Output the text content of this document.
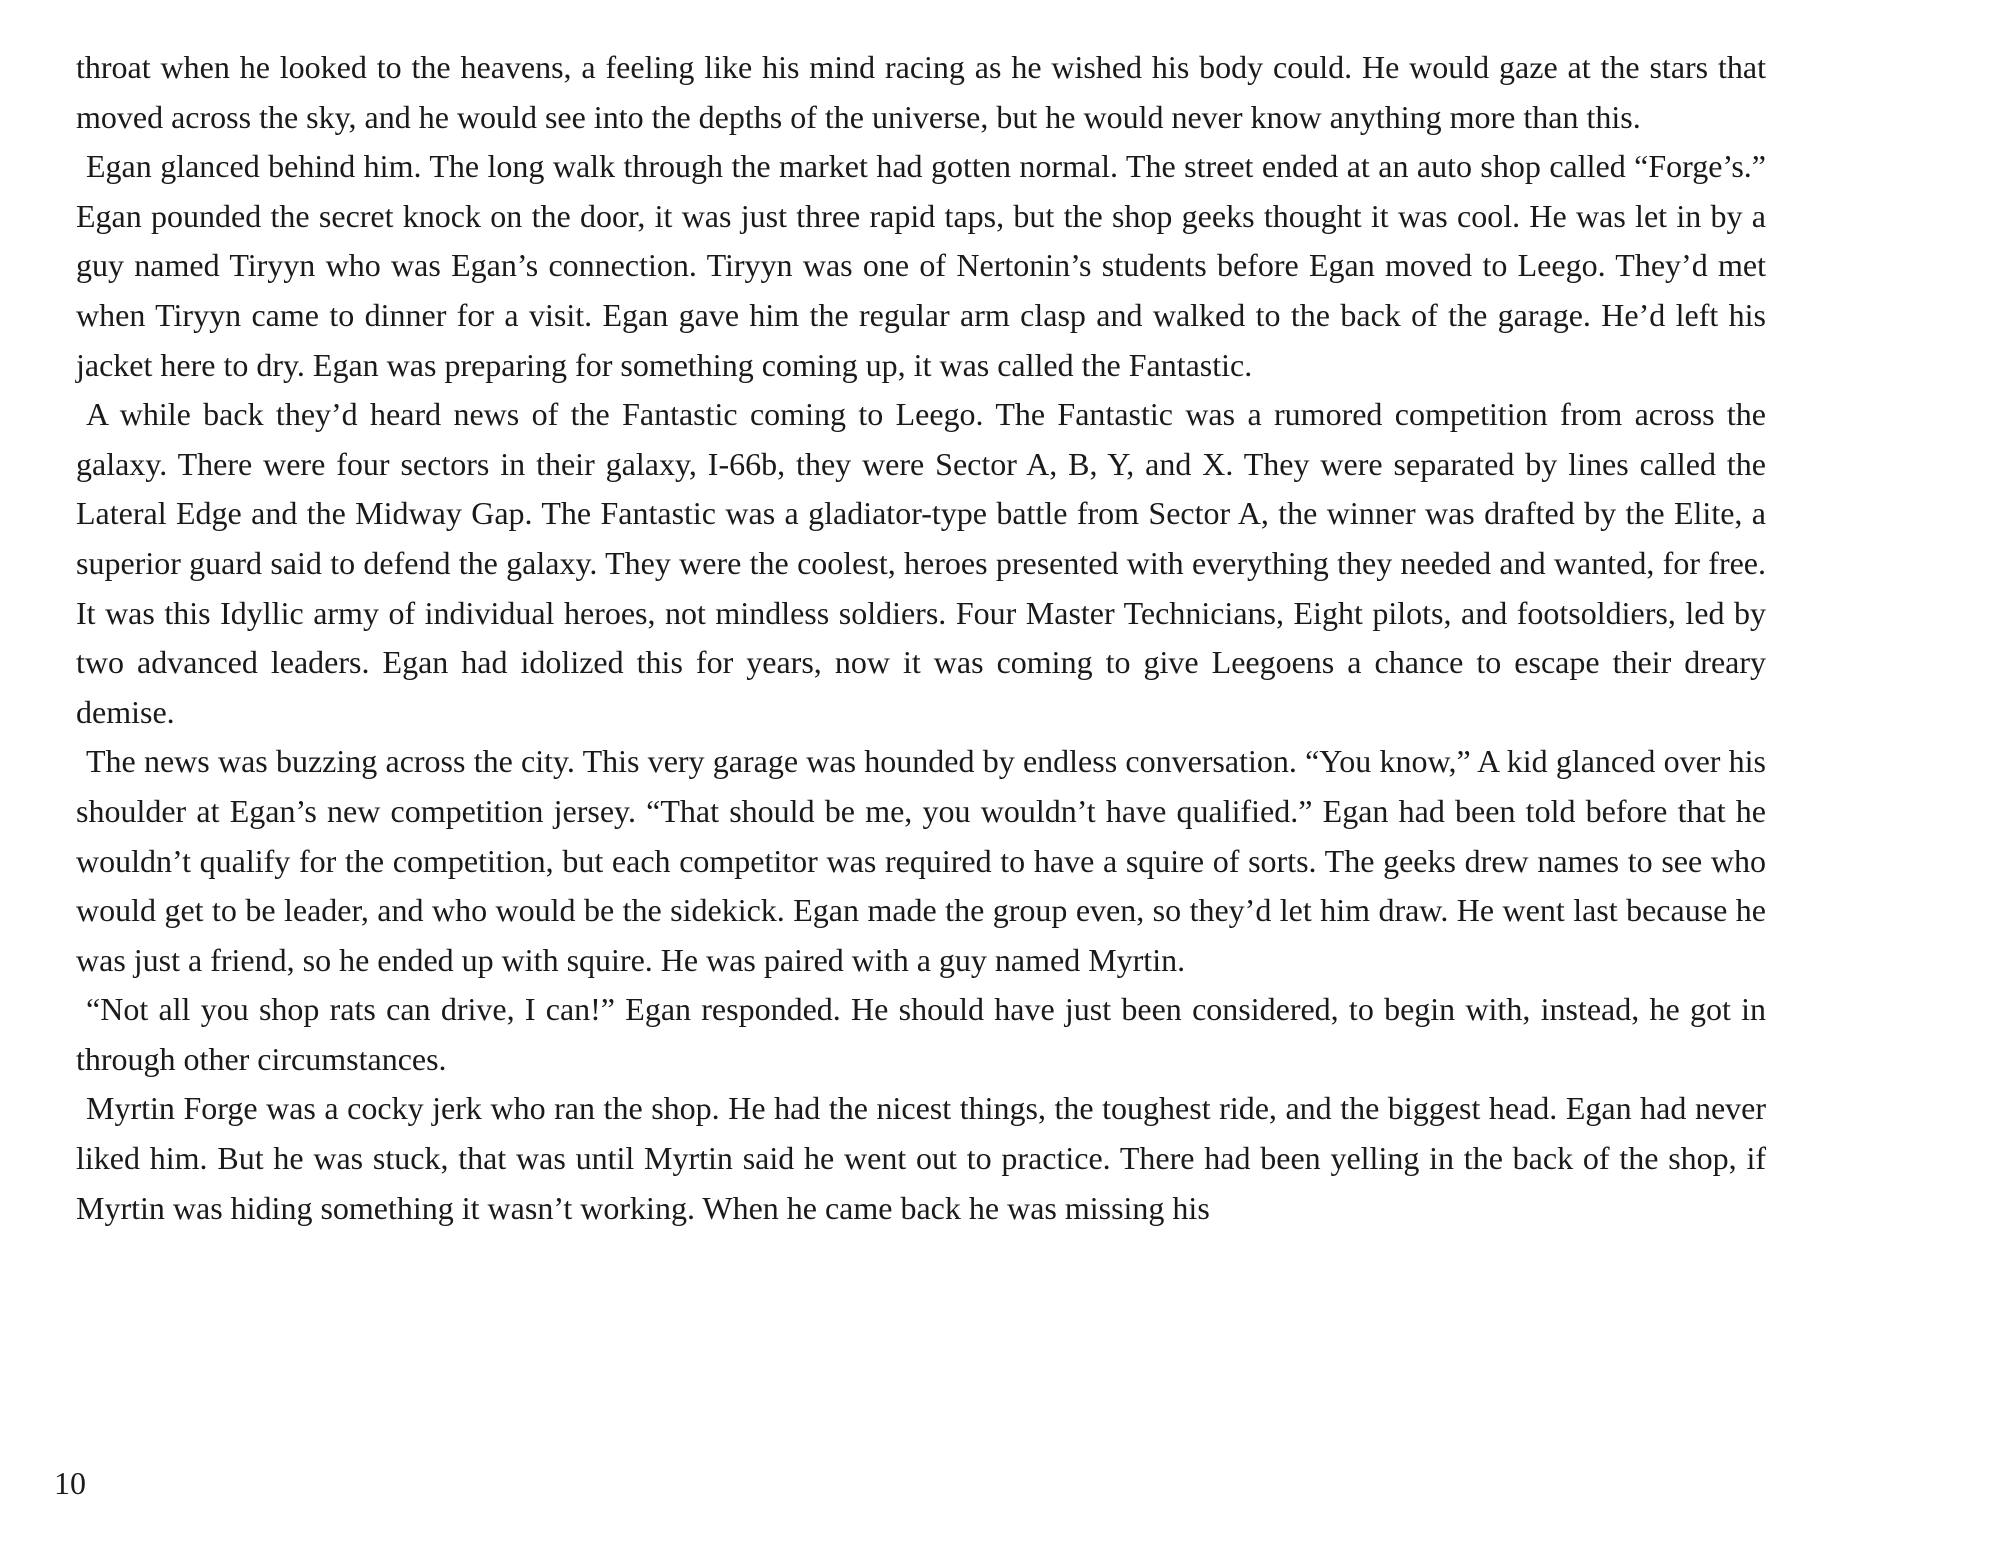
throat when he looked to the heavens, a feeling like his mind racing as he wished his body could. He would gaze at the stars that moved across the sky, and he would see into the depths of the universe, but he would never know anything more than this.

Egan glanced behind him. The long walk through the market had gotten normal. The street ended at an auto shop called “Forge’s.” Egan pounded the secret knock on the door, it was just three rapid taps, but the shop geeks thought it was cool. He was let in by a guy named Tiryyn who was Egan’s connection. Tiryyn was one of Nertonin’s students before Egan moved to Leego. They’d met when Tiryyn came to dinner for a visit. Egan gave him the regular arm clasp and walked to the back of the garage. He’d left his jacket here to dry. Egan was preparing for something coming up, it was called the Fantastic.

A while back they’d heard news of the Fantastic coming to Leego. The Fantastic was a rumored competition from across the galaxy. There were four sectors in their galaxy, I-66b, they were Sector A, B, Y, and X. They were separated by lines called the Lateral Edge and the Midway Gap. The Fantastic was a gladiator-type battle from Sector A, the winner was drafted by the Elite, a superior guard said to defend the galaxy. They were the coolest, heroes presented with everything they needed and wanted, for free. It was this Idyllic army of individual heroes, not mindless soldiers. Four Master Technicians, Eight pilots, and footsoldiers, led by two advanced leaders. Egan had idolized this for years, now it was coming to give Leegoens a chance to escape their dreary demise.

The news was buzzing across the city. This very garage was hounded by endless conversation. “You know,” A kid glanced over his shoulder at Egan’s new competition jersey. “That should be me, you wouldn’t have qualified.” Egan had been told before that he wouldn’t qualify for the competition, but each competitor was required to have a squire of sorts. The geeks drew names to see who would get to be leader, and who would be the sidekick. Egan made the group even, so they’d let him draw. He went last because he was just a friend, so he ended up with squire. He was paired with a guy named Myrtin.

“Not all you shop rats can drive, I can!” Egan responded. He should have just been considered, to begin with, instead, he got in through other circumstances.

Myrtin Forge was a cocky jerk who ran the shop. He had the nicest things, the toughest ride, and the biggest head. Egan had never liked him. But he was stuck, that was until Myrtin said he went out to practice. There had been yelling in the back of the shop, if Myrtin was hiding something it wasn’t working. When he came back he was missing his

10
